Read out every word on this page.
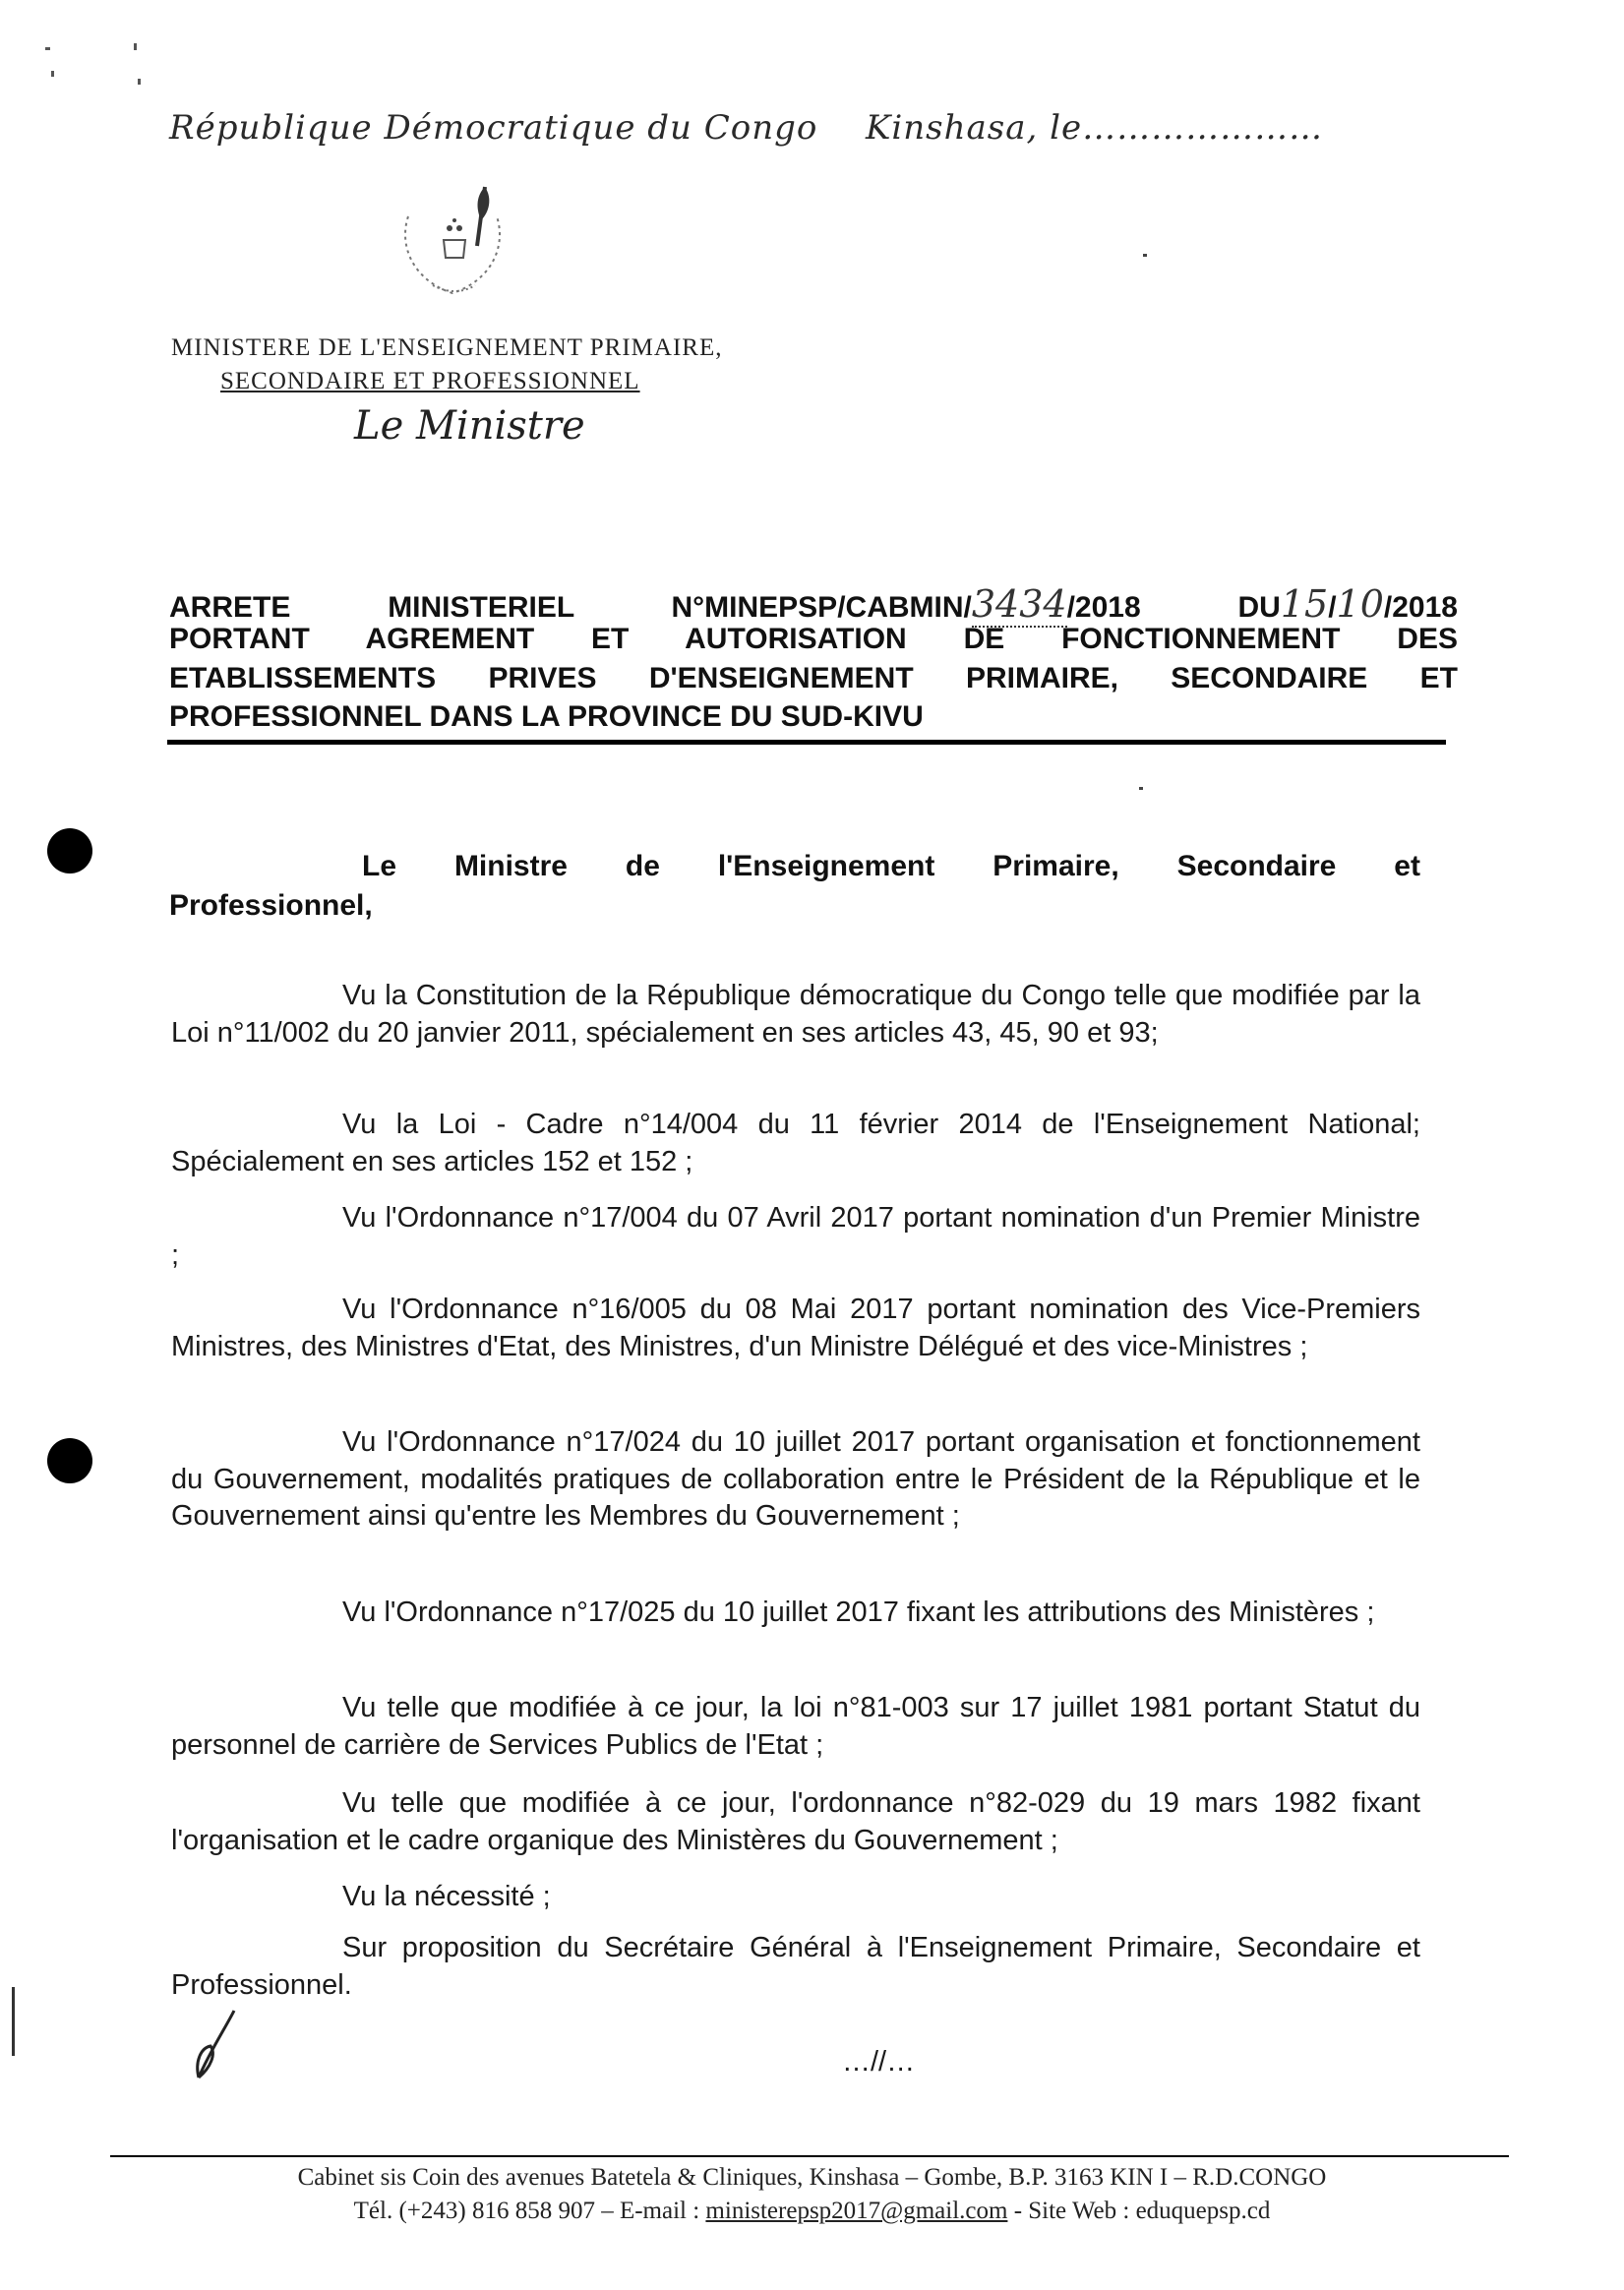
République Démocratique du Congo Kinshasa, le…………………
MINISTERE DE L'ENSEIGNEMENT PRIMAIRE,
SECONDAIRE ET PROFESSIONNEL
Le Ministre
ARRETE	MINISTERIEL	N°MINEPSP/CABMIN/3434/2018	DU15/10/2018
PORTANT AGREMENT ET AUTORISATION DE FONCTIONNEMENT DES
ETABLISSEMENTS PRIVES D'ENSEIGNEMENT PRIMAIRE, SECONDAIRE ET
PROFESSIONNEL DANS LA PROVINCE DU SUD-KIVU
Le Ministre de l'Enseignement Primaire, Secondaire et
Professionnel,
Vu la Constitution de la République démocratique du Congo telle que modifiée par la Loi n°11/002 du 20 janvier 2011, spécialement en ses articles 43, 45, 90 et 93;
Vu la Loi - Cadre n°14/004 du 11 février 2014 de l'Enseignement National; Spécialement en ses articles 152 et 152 ;
Vu l'Ordonnance n°17/004 du 07 Avril 2017 portant nomination d'un Premier Ministre ;
Vu l'Ordonnance n°16/005 du 08 Mai 2017 portant nomination des Vice-Premiers Ministres, des Ministres d'Etat, des Ministres, d'un Ministre Délégué et des vice-Ministres ;
Vu l'Ordonnance n°17/024 du 10 juillet 2017 portant organisation et fonctionnement du Gouvernement, modalités pratiques de collaboration entre le Président de la République et le Gouvernement ainsi qu'entre les Membres du Gouvernement ;
Vu l'Ordonnance n°17/025 du 10 juillet 2017 fixant les attributions des Ministères ;
Vu telle que modifiée à ce jour, la loi n°81-003 sur 17 juillet 1981 portant Statut du personnel de carrière de Services Publics de l'Etat ;
Vu telle que modifiée à ce jour, l'ordonnance n°82-029 du 19 mars 1982 fixant l'organisation et le cadre organique des Ministères du Gouvernement ;
Vu la nécessité ;
Sur proposition du Secrétaire Général à l'Enseignement Primaire, Secondaire et Professionnel.
…//…
Cabinet sis Coin des avenues Batetela & Cliniques, Kinshasa – Gombe, B.P. 3163 KIN I – R.D.CONGO
Tél. (+243) 816 858 907 – E-mail : ministerepsp2017@gmail.com - Site Web : eduquepsp.cd
